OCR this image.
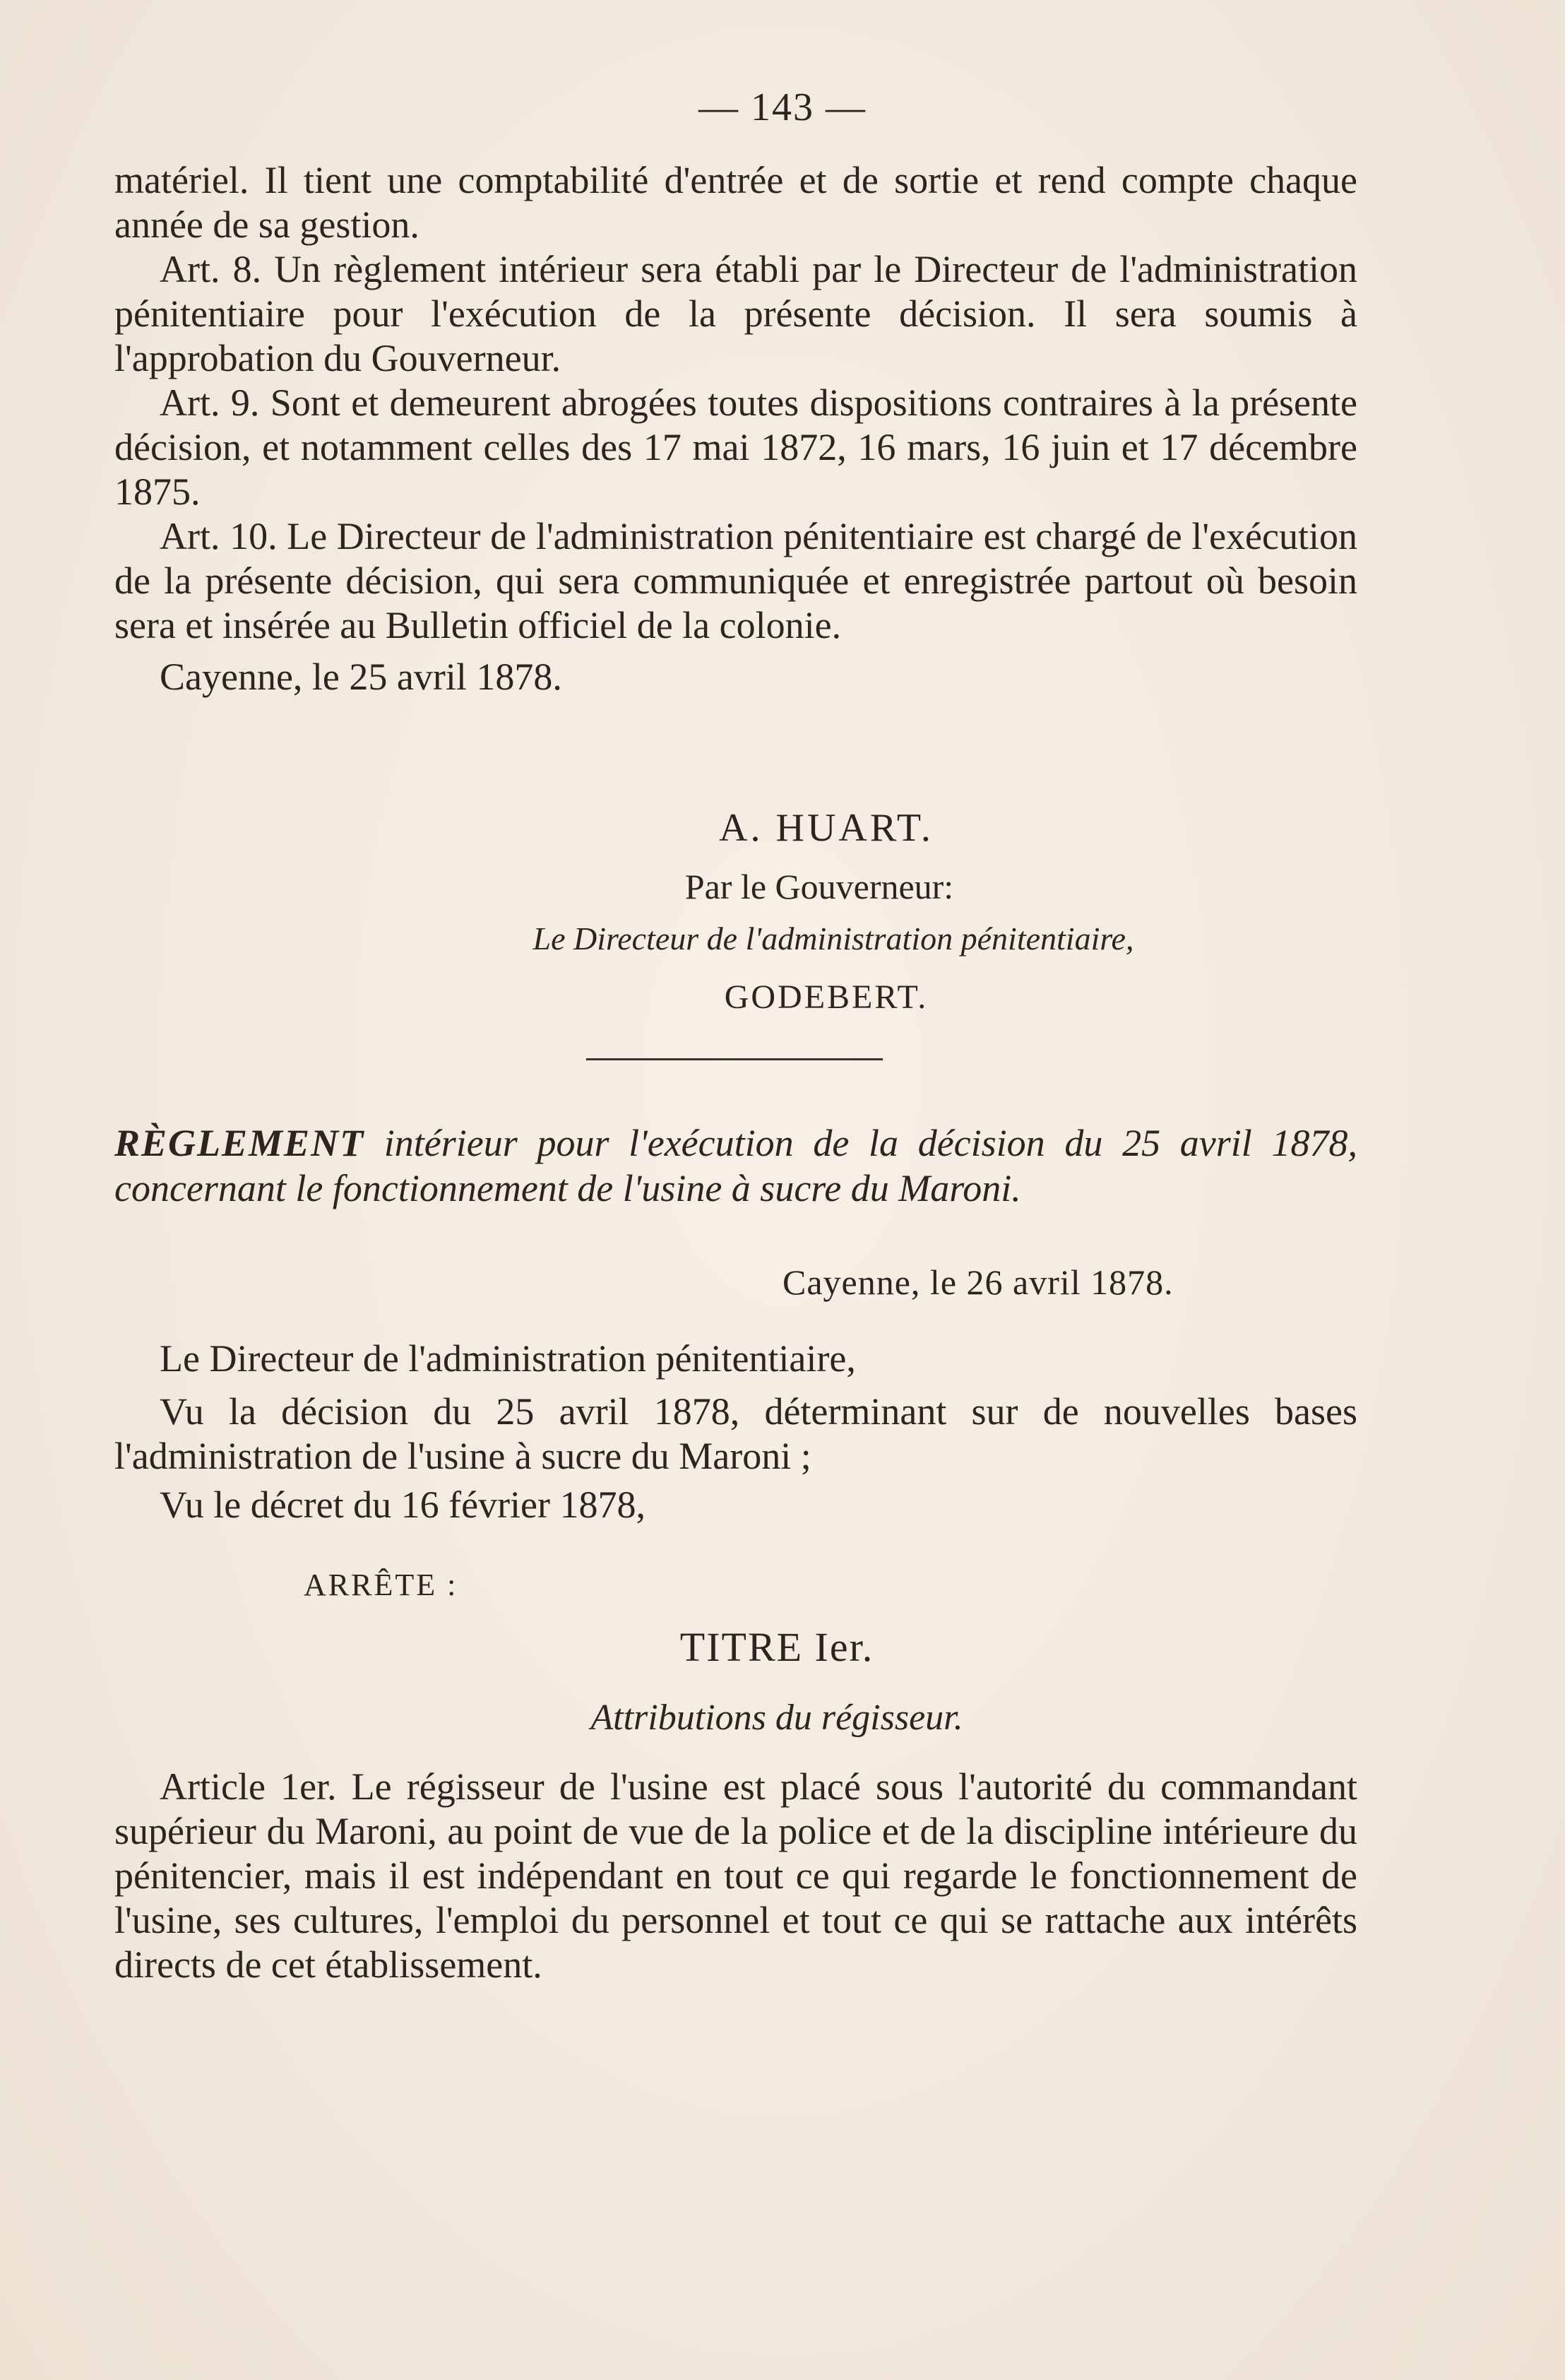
— 143 —

matériel. Il tient une comptabilité d'entrée et de sortie et rend compte chaque année de sa gestion.

Art. 8. Un règlement intérieur sera établi par le Directeur de l'administration pénitentiaire pour l'exécution de la présente décision. Il sera soumis à l'approbation du Gouverneur.

Art. 9. Sont et demeurent abrogées toutes dispositions contraires à la présente décision, et notamment celles des 17 mai 1872, 16 mars, 16 juin et 17 décembre 1875.

Art. 10. Le Directeur de l'administration pénitentiaire est chargé de l'exécution de la présente décision, qui sera communiquée et enregistrée partout où besoin sera et insérée au Bulletin officiel de la colonie.

Cayenne, le 25 avril 1878.

A. HUART.
Par le Gouverneur:
Le Directeur de l'administration pénitentiaire,
GODEBERT.
RÈGLEMENT intérieur pour l'exécution de la décision du 25 avril 1878, concernant le fonctionnement de l'usine à sucre du Maroni.
Cayenne, le 26 avril 1878.

Le Directeur de l'administration pénitentiaire,

Vu la décision du 25 avril 1878, déterminant sur de nouvelles bases l'administration de l'usine à sucre du Maroni ;

Vu le décret du 16 février 1878,

ARRÊTE :
TITRE Ier.
Attributions du régisseur.

Article 1er. Le régisseur de l'usine est placé sous l'autorité du commandant supérieur du Maroni, au point de vue de la police et de la discipline intérieure du pénitencier, mais il est indépendant en tout ce qui regarde le fonctionnement de l'usine, ses cultures, l'emploi du personnel et tout ce qui se rattache aux intérêts directs de cet établissement.
